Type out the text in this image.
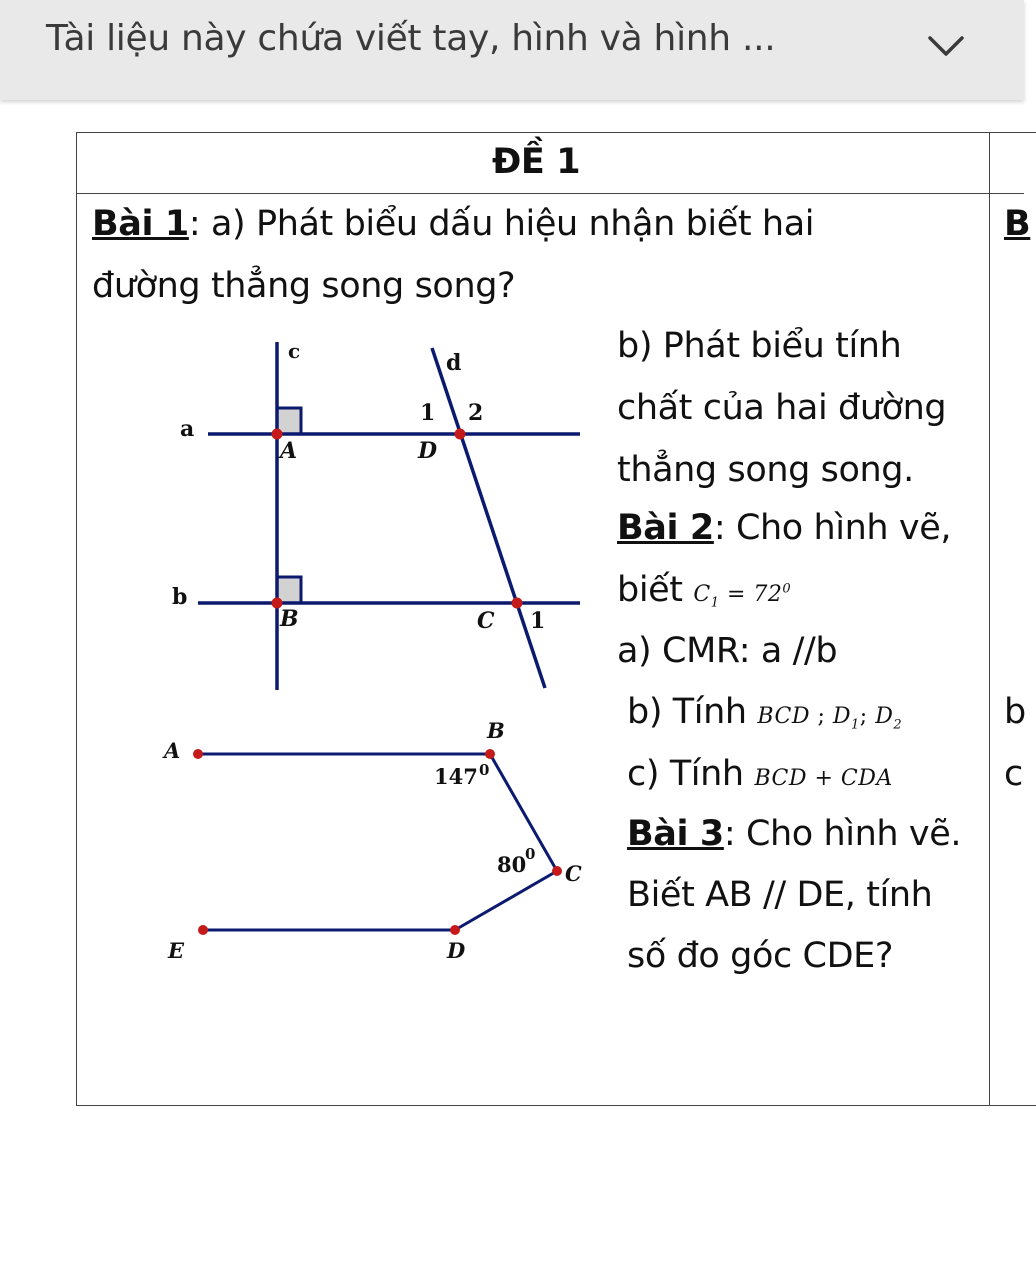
Tài liệu này chứa viết tay, hình và hình ...
ĐỀ 1
B
b
c
Bài 1: a) Phát biểu dấu hiệu nhận biết hai
đường thẳng song song?
b) Phát biểu tính
chất của hai đường
thẳng song song.
Bài 2: Cho hình vẽ,
biết $C_1 = 72^0$
a) CMR: a //b
b) Tính BCD ; $D_1$; $D_2$
c) Tính BCD + CDA
Bài 3: Cho hình vẽ.
Biết AB // DE, tính
số đo góc CDE?
c	d
a
b
A	D
B	C
1 2
1
A
B
C
D
E
147 0
80
0
